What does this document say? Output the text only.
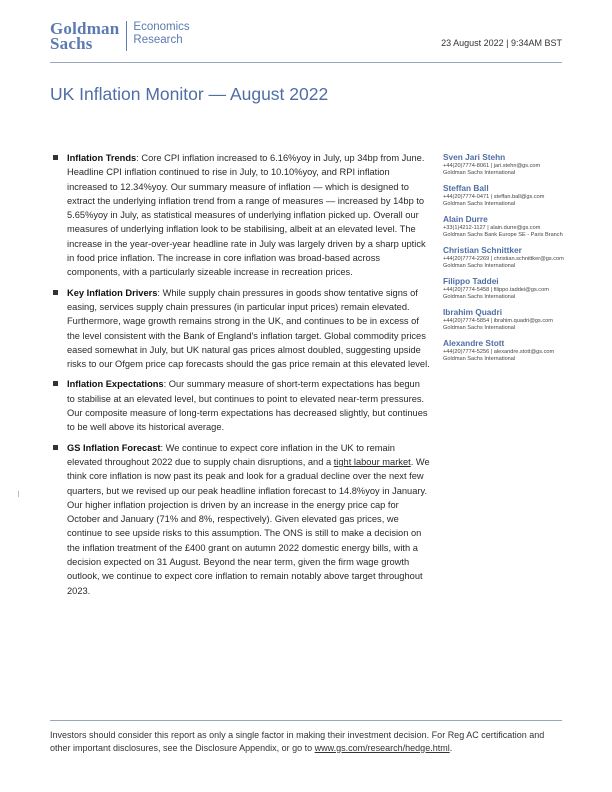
Goldman
Sachs
Economics
Research	23 August 2022 | 9:34AM BST
UK Inflation Monitor — August 2022
Inflation Trends: Core CPI inflation increased to 6.16%yoy in July, up 34bp from June. Headline CPI inflation continued to rise in July, to 10.10%yoy, and RPI inflation increased to 12.34%yoy. Our summary measure of inflation — which is designed to extract the underlying inflation trend from a range of measures — increased by 14bp to 5.65%yoy in July, as statistical measures of underlying inflation picked up. Overall our measures of underlying inflation look to be stabilising, albeit at an elevated level. The increase in the year-over-year headline rate in July was largely driven by a sharp uptick in food price inflation. The increase in core inflation was broad-based across components, with a particularly sizeable increase in recreation prices.
Key Inflation Drivers: While supply chain pressures in goods show tentative signs of easing, services supply chain pressures (in particular input prices) remain elevated. Furthermore, wage growth remains strong in the UK, and continues to be in excess of the level consistent with the Bank of England's inflation target. Global commodity prices eased somewhat in July, but UK natural gas prices almost doubled, suggesting upside risks to our Ofgem price cap forecasts should the gas price remain at this elevated level.
Inflation Expectations: Our summary measure of short-term expectations has begun to stabilise at an elevated level, but continues to point to elevated near-term pressures. Our composite measure of long-term expectations has decreased slightly, but continues to be well above its historical average.
GS Inflation Forecast: We continue to expect core inflation in the UK to remain elevated throughout 2022 due to supply chain disruptions, and a tight labour market. We think core inflation is now past its peak and look for a gradual decline over the next few quarters, but we revised up our peak headline inflation forecast to 14.8%yoy in January. Our higher inflation projection is driven by an increase in the energy price cap for October and January (71% and 8%, respectively). Given elevated gas prices, we continue to see upside risks to this assumption. The ONS is still to make a decision on the inflation treatment of the £400 grant on autumn 2022 domestic energy bills, with a decision expected on 31 August. Beyond the near term, given the firm wage growth outlook, we continue to expect core inflation to remain notably above target throughout 2023.
Sven Jari Stehn
+44(20)7774-8061 | jari.stehn@gs.com
Goldman Sachs International
Steffan Ball
+44(20)7774-0471 | steffan.ball@gs.com
Goldman Sachs International
Alain Durre
+33(1)4212-1127 | alain.durre@gs.com
Goldman Sachs Bank Europe SE - Paris Branch
Christian Schnittker
+44(20)7774-2269 | christian.schnittker@gs.com
Goldman Sachs International
Filippo Taddei
+44(20)7774-5458 | filippo.taddei@gs.com
Goldman Sachs International
Ibrahim Quadri
+44(20)7774-5854 | ibrahim.quadri@gs.com
Goldman Sachs International
Alexandre Stott
+44(20)7774-5256 | alexandre.stott@gs.com
Goldman Sachs International
Investors should consider this report as only a single factor in making their investment decision. For Reg AC certification and other important disclosures, see the Disclosure Appendix, or go to www.gs.com/research/hedge.html.
